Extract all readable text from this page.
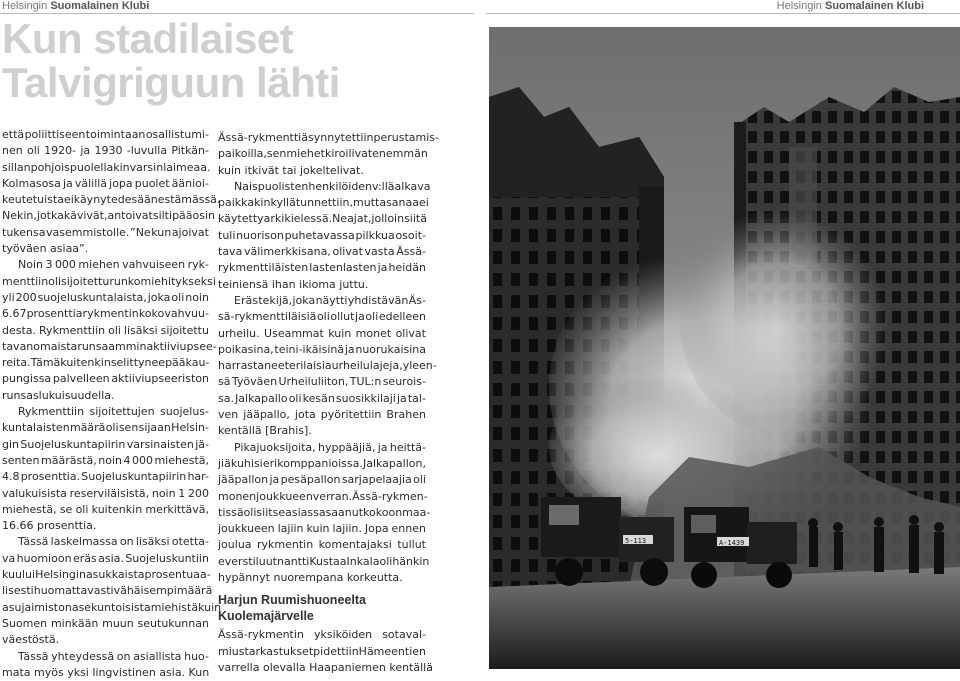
Helsingin Suomalainen Klubi	Helsingin Suomalainen Klubi
Kun stadilaiset
Talvigriguun lähti
että poliittiseen toimintaan osallistumi-
nen oli 1920- ja 1930 -luvulla Pitkän-
sillan pohjoispuolellakin varsin laimeaa.
Kolmasosa ja välillä jopa puolet äänioi-
keutetuista ei käynyt edes äänestämässä.
Nekin, jotka kävivät, antoivat silti pääosin
tukensa vasemmistolle. ”Ne kun ajoivat
työväen asiaa”.
Noin 3 000 miehen vahvuiseen ryk-
menttiin oli sijoitettu runkomiehitykseksi
yli 200 suojeluskuntalaista, joka oli noin
6.67 prosenttia rykmentin koko vahvuu-
desta. Rykmenttiin oli lisäksi sijoitettu
tavanomaista runsaammin aktiiviupsee-
reita. Tämä kuitenkin selittynee pääkau-
pungissa palvelleen aktiiviupseeriston
runsaslukuisuudella.
Rykmenttiin sijoitettujen suojelus-
kuntalaisten määrä oli sen sijaan Helsin-
gin Suojeluskuntapiirin varsinaisten jä-
senten määrästä, noin 4 000 miehestä,
4.8 prosenttia. Suojeluskuntapiirin har-
valukuisista reserviläisistä, noin 1 200
miehestä, se oli kuitenkin merkittävä,
16.66 prosenttia.
Tässä laskelmassa on lisäksi otetta-
va huomioon eräs asia. Suojeluskuntiin
kuului Helsingin asukkaista prosentuaa-
lisesti huomattavasti vähäisempi määrä
asujaimiston asekuntoisista miehistä kuin
Suomen minkään muun seutukunnan
väestöstä.
Tässä yhteydessä on asiallista huo-
mata myös yksi lingvistinen asia. Kun
Ässä-rykmenttiä synnytettiin perustamis-
paikoilla, sen miehet kiroilivat enemmän
kuin itkivät tai jokeltelivat.
Naispuolisten henkilöiden v:llä alkava
paikkakin kyllä tunnettiin, mutta sanaa ei
käytetty arkikielessä. Ne ajat, jolloin siitä
tuli nuorison puhetavassa pilkkua osoit-
tava välimerkkisana, olivat vasta Ässä-
rykmenttiläisten lastenlasten ja heidän
teiniensä ihan ikioma juttu.
Eräs tekijä, joka näytti yhdistävän Äs-
sä-rykmenttiläisiä oli ollut ja oli edelleen
urheilu. Useammat kuin monet olivat
poikasina, teini-ikäisinä ja nuorukaisina
harrastaneet erilaisia urheilulajeja, yleen-
sä Työväen Urheiluliiton, TUL:n seurois-
sa. Jalkapallo oli kesän suosikkilaji ja tal-
ven jääpallo, jota pyöritettiin Brahen
kentällä [Brahis].
Pikajuoksijoita, hyppääjiä, ja heittä-
jiä kuhisi eri komppanioissa. Jalkapallon,
jääpallon ja pesäpallon sarjapelaajia oli
monen joukkueen verran. Ässä-rykmen-
tissä olisi itse asiassa saanut kokoon maa-
joukkueen lajiin kuin lajiin. Jopa ennen
joulua rykmentin komentajaksi tullut
everstiluutnantti Kustaa Inkala oli hänkin
hypännyt nuorempana korkeutta.
Harjun Ruumishuoneelta
Kuolemajärvelle
Ässä-rykmentin yksiköiden sotaval-
miustarkastukset pidettiin Hämeentien
varrella olevalla Haapaniemen kentällä
5-113	A-1439
